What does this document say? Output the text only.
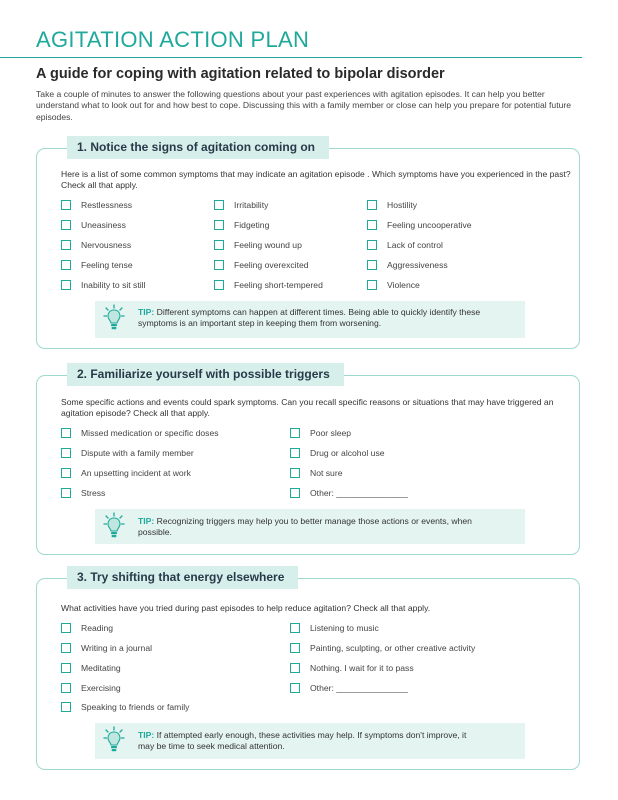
AGITATION ACTION PLAN
A guide for coping with agitation related to bipolar disorder
Take a couple of minutes to answer the following questions about your past experiences with agitation episodes. It can help you better understand what to look out for and how best to cope. Discussing this with a family member or close can help you prepare for potential future episodes.
1. Notice the signs of agitation coming on
Here is a list of some common symptoms that may indicate an agitation episode . Which symptoms have you experienced in the past? Check all that apply.
Restlessness
Uneasiness
Nervousness
Feeling tense
Inability to sit still
Irritability
Fidgeting
Feeling wound up
Feeling overexcited
Feeling short-tempered
Hostility
Feeling uncooperative
Lack of control
Aggressiveness
Violence
TIP: Different symptoms can happen at different times. Being able to quickly identify these symptoms is an important step in keeping them from worsening.
2. Familiarize yourself with possible triggers
Some specific actions and events could spark symptoms. Can you recall specific reasons or situations that may have triggered an agitation episode? Check all that apply.
Missed medication or specific doses
Dispute with a family member
An upsetting incident at work
Stress
Poor sleep
Drug or alcohol use
Not sure
Other: _______________
TIP: Recognizing triggers may help you to better manage those actions or events, when possible.
3. Try shifting that energy elsewhere
What activities have you tried during past episodes to help reduce agitation? Check all that apply.
Reading
Writing in a journal
Meditating
Exercising
Speaking to friends or family
Listening to music
Painting, sculpting, or other creative activity
Nothing. I wait for it to pass
Other: _______________
TIP: If attempted early enough, these activities may help. If symptoms don't improve, it may be time to seek medical attention.
